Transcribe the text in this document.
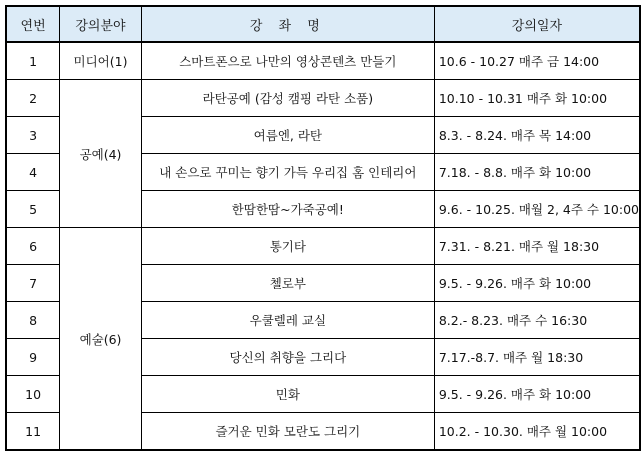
연번	강의분야	강 좌 명	강의일자
1	미디어(1)	스마트폰으로 나만의 영상콘텐츠 만들기	10.6 - 10.27 매주 금 14:00
2	공예(4)	라탄공예 (감성 캠핑 라탄 소품)	10.10 - 10.31 매주 화 10:00
3		여름엔, 라탄	8.3. - 8.24. 매주 목 14:00
4		내 손으로 꾸미는 향기 가득 우리집 홈 인테리어	7.18. - 8.8. 매주 화 10:00
5		한땀한땀~가죽공예!	9.6. - 10.25. 매월 2, 4주 수 10:00
6	예술(6)	통기타	7.31. - 8.21. 매주 월 18:30
7		첼로부	9.5. - 9.26. 매주 화 10:00
8		우쿨렐레 교실	8.2.- 8.23. 매주 수 16:30
9		당신의 취향을 그리다	7.17.-8.7. 매주 월 18:30
10		민화	9.5. - 9.26. 매주 화 10:00
11		즐거운 민화 모란도 그리기	10.2. - 10.30. 매주 월 10:00
